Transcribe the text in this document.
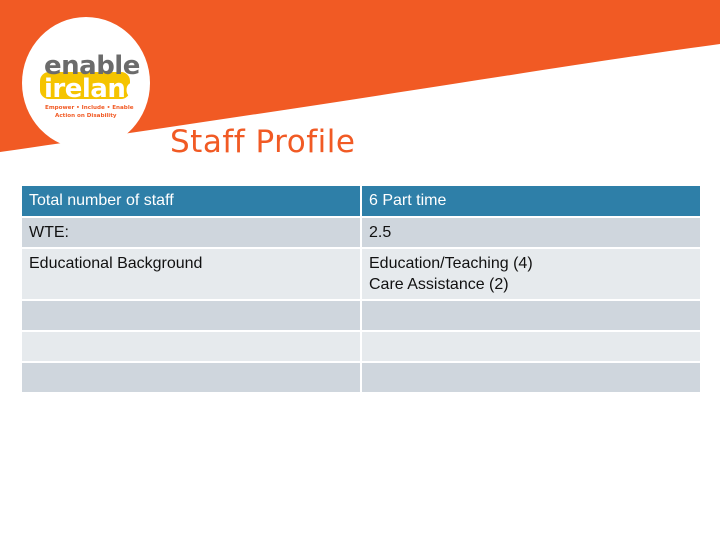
enable
ireland
Empower • Include • Enable
Action on Disability
Staff Profile
Total number of staff	6 Part time
WTE:	2.5

Educational Background	Education/Teaching (4)
Care Assistance (2)
